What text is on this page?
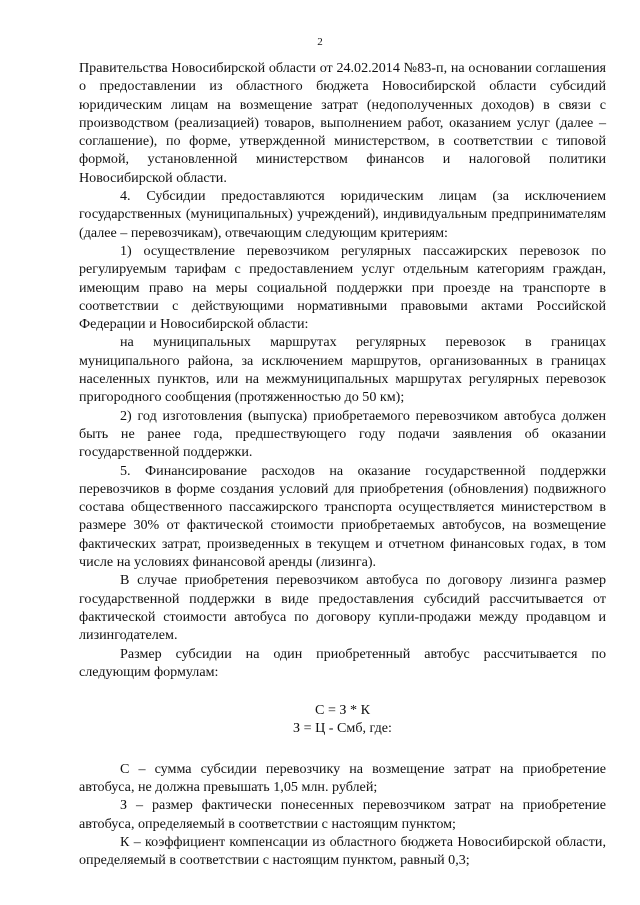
2

Правительства Новосибирской области от 24.02.2014 №83-п, на основании соглашения о предоставлении из областного бюджета Новосибирской области субсидий юридическим лицам на возмещение затрат (недополученных доходов) в связи с производством (реализацией) товаров, выполнением работ, оказанием услуг (далее – соглашение), по форме, утвержденной министерством, в соответствии с типовой формой, установленной министерством финансов и налоговой политики Новосибирской области.

4. Субсидии предоставляются юридическим лицам (за исключением государственных (муниципальных) учреждений), индивидуальным предпринимателям (далее – перевозчикам), отвечающим следующим критериям:

1) осуществление перевозчиком регулярных пассажирских перевозок по регулируемым тарифам с предоставлением услуг отдельным категориям граждан, имеющим право на меры социальной поддержки при проезде на транспорте в соответствии с действующими нормативными правовыми актами Российской Федерации и Новосибирской области:

на муниципальных маршрутах регулярных перевозок в границах муниципального района, за исключением маршрутов, организованных в границах населенных пунктов, или на межмуниципальных маршрутах регулярных перевозок пригородного сообщения (протяженностью до 50 км);

2) год изготовления (выпуска) приобретаемого перевозчиком автобуса должен быть не ранее года, предшествующего году подачи заявления об оказании государственной поддержки.

5. Финансирование расходов на оказание государственной поддержки перевозчиков в форме создания условий для приобретения (обновления) подвижного состава общественного пассажирского транспорта осуществляется министерством в размере 30% от фактической стоимости приобретаемых автобусов, на возмещение фактических затрат, произведенных в текущем и отчетном финансовых годах, в том числе на условиях финансовой аренды (лизинга).

В случае приобретения перевозчиком автобуса по договору лизинга размер государственной поддержки в виде предоставления субсидий рассчитывается от фактической стоимости автобуса по договору купли-продажи между продавцом и лизингодателем.

Размер субсидии на один приобретенный автобус рассчитывается по следующим формулам:

С = З * К
З = Ц - Смб, где:

С – сумма субсидии перевозчику на возмещение затрат на приобретение автобуса, не должна превышать 1,05 млн. рублей;

З – размер фактически понесенных перевозчиком затрат на приобретение автобуса, определяемый в соответствии с настоящим пунктом;

К – коэффициент компенсации из областного бюджета Новосибирской области, определяемый в соответствии с настоящим пунктом, равный 0,3;
